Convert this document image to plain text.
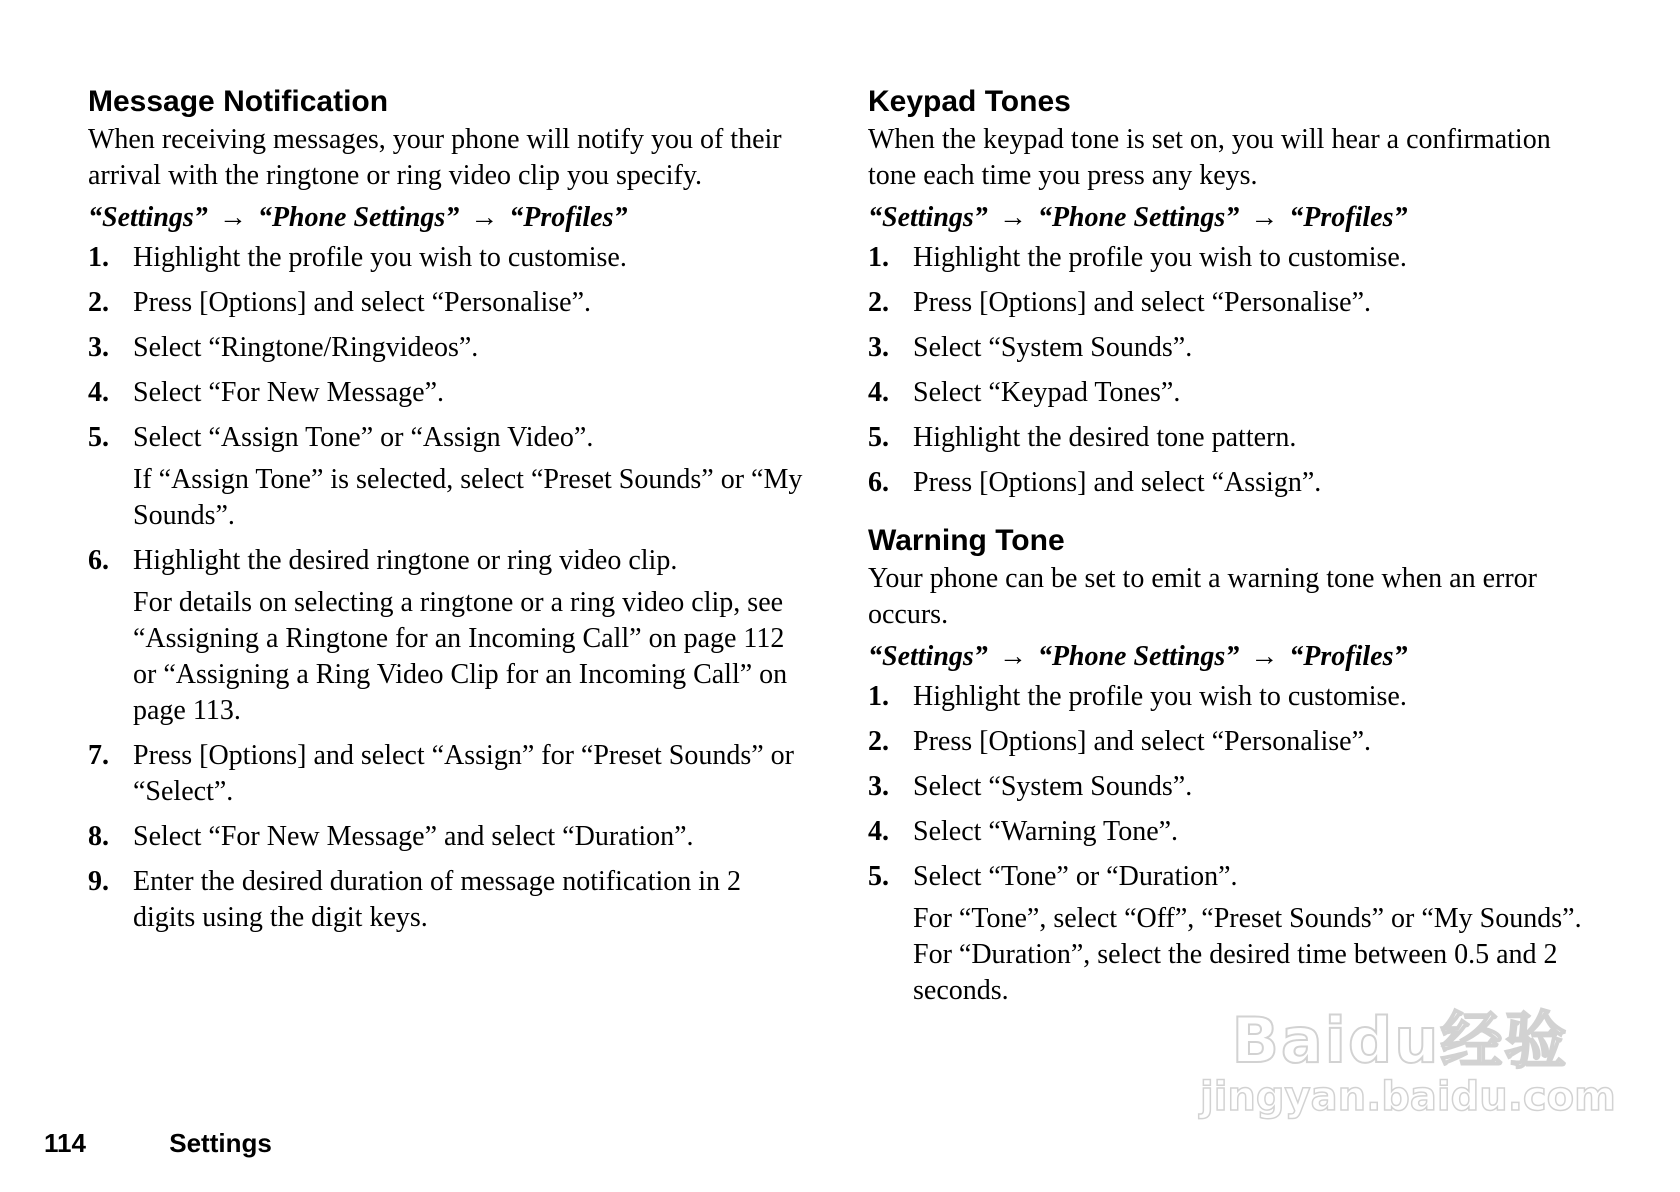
Message Notification

When receiving messages, your phone will notify you of their arrival with the ringtone or ring video clip you specify.

“Settings” → “Phone Settings” → “Profiles”
1. Highlight the profile you wish to customise.
2. Press [Options] and select “Personalise”.
3. Select “Ringtone/Ringvideos”.
4. Select “For New Message”.
5. Select “Assign Tone” or “Assign Video”.
If “Assign Tone” is selected, select “Preset Sounds” or “My Sounds”.
6. Highlight the desired ringtone or ring video clip.
For details on selecting a ringtone or a ring video clip, see “Assigning a Ringtone for an Incoming Call” on page 112 or “Assigning a Ring Video Clip for an Incoming Call” on page 113.
7. Press [Options] and select “Assign” for “Preset Sounds” or “Select”.
8. Select “For New Message” and select “Duration”.
9. Enter the desired duration of message notification in 2 digits using the digit keys.
Keypad Tones

When the keypad tone is set on, you will hear a confirmation tone each time you press any keys.

“Settings” → “Phone Settings” → “Profiles”
1. Highlight the profile you wish to customise.
2. Press [Options] and select “Personalise”.
3. Select “System Sounds”.
4. Select “Keypad Tones”.
5. Highlight the desired tone pattern.
6. Press [Options] and select “Assign”.
Warning Tone

Your phone can be set to emit a warning tone when an error occurs.

“Settings” → “Phone Settings” → “Profiles”
1. Highlight the profile you wish to customise.
2. Press [Options] and select “Personalise”.
3. Select “System Sounds”.
4. Select “Warning Tone”.
5. Select “Tone” or “Duration”.
For “Tone”, select “Off”, “Preset Sounds” or “My Sounds”.
For “Duration”, select the desired time between 0.5 and 2 seconds.
114	Settings
Baidu经验
jingyan.baidu.com
